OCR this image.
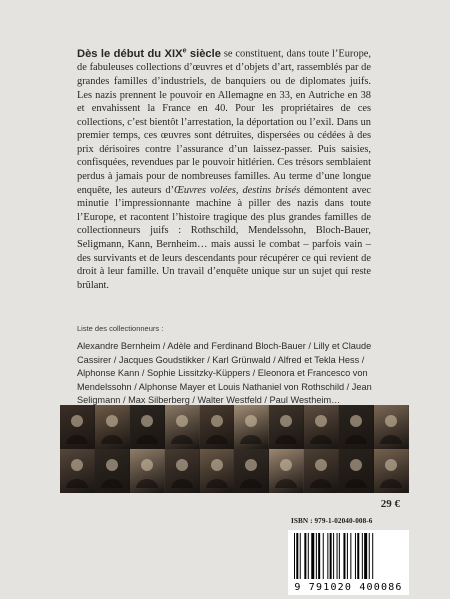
Dès le début du XIXe siècle se constituent, dans toute l’Europe, de fabuleuses collections d’œuvres et d’objets d’art, rassemblés par de grandes familles d’industriels, de banquiers ou de diplomates juifs. Les nazis prennent le pouvoir en Allemagne en 33, en Autriche en 38 et envahissent la France en 40. Pour les propriétaires de ces collections, c’est bientôt l’arrestation, la déportation ou l’exil. Dans un premier temps, ces œuvres sont détruites, dispersées ou cédées à des prix dérisoires contre l’assurance d’un laissez-passer. Puis saisies, confisquées, revendues par le pouvoir hitlérien. Ces trésors semblaient perdus à jamais pour de nombreuses familles. Au terme d’une longue enquête, les auteurs d’Œuvres volées, destins brisés démontent avec minutie l’impressionnante machine à piller des nazis dans toute l’Europe, et racontent l’histoire tragique des plus grandes familles de collectionneurs juifs : Rothschild, Mendelssohn, Bloch-Bauer, Seligmann, Kann, Bernheim… mais aussi le combat – parfois vain – des survivants et de leurs descendants pour récupérer ce qui revient de droit à leur famille. Un travail d’enquête unique sur un sujet qui reste brûlant.

Liste des collectionneurs :
Alexandre Bernheim / Adèle and Ferdinand Bloch-Bauer / Lilly et Claude Cassirer / Jacques Goudstikker / Karl Grünwald / Alfred et Tekla Hess / Alphonse Kann / Sophie Lissitzky-Küppers / Eleonora et Francesco von Mendelssohn / Alphonse Mayer et Louis Nathaniel von Rothschild / Jean Seligmann / Max Silberberg / Walter Westfeld / Paul Westheim…
29 €
ISBN : 979-1-02040-008-6
9 791020 400086
